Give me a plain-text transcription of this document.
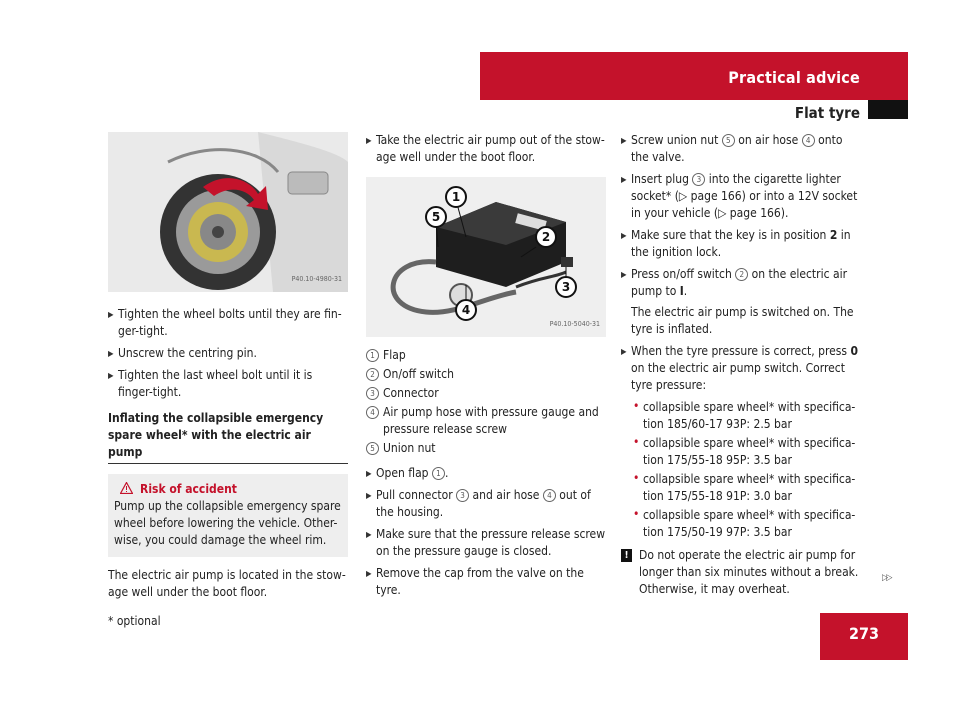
Practical advice
Flat tyre
P40.10-4980-31
▶ Tighten the wheel bolts until they are fin-ger-tight.
▶ Unscrew the centring pin.
▶ Tighten the last wheel bolt until it is finger-tight.
Inflating the collapsible emergency spare wheel* with the electric air pump
Risk of accident
Pump up the collapsible emergency spare wheel before lowering the vehicle. Other-wise, you could damage the wheel rim.
The electric air pump is located in the stow-age well under the boot floor.
▶ Take the electric air pump out of the stow-age well under the boot floor.
1
2
3
4
5
P40.10-5040-31
1 Flap
2 On/off switch
3 Connector
4 Air pump hose with pressure gauge and pressure release screw
5 Union nut
▶ Open flap 1 .
▶ Pull connector 3 and air hose 4 out of the housing.
▶ Make sure that the pressure release screw on the pressure gauge is closed.
▶ Remove the cap from the valve on the tyre.
▶ Screw union nut 5 on air hose 4 onto the valve.
▶ Insert plug 3 into the cigarette lighter socket* (▷ page 166) or into a 12V socket in your vehicle (▷ page 166).
▶ Make sure that the key is in position 2 in the ignition lock.
▶ Press on/off switch 2 on the electric air pump to I.
The electric air pump is switched on. The tyre is inflated.
▶ When the tyre pressure is correct, press 0 on the electric air pump switch. Correct tyre pressure:
• collapsible spare wheel* with specifica-tion 185/60-17 93P: 2.5 bar
• collapsible spare wheel* with specifica-tion 175/55-18 95P: 3.5 bar
• collapsible spare wheel* with specifica-tion 175/55-18 91P: 3.0 bar
• collapsible spare wheel* with specifica-tion 175/50-19 97P: 3.5 bar
! Do not operate the electric air pump for longer than six minutes without a break. Otherwise, it may overheat.
▷▷
* optional
273
